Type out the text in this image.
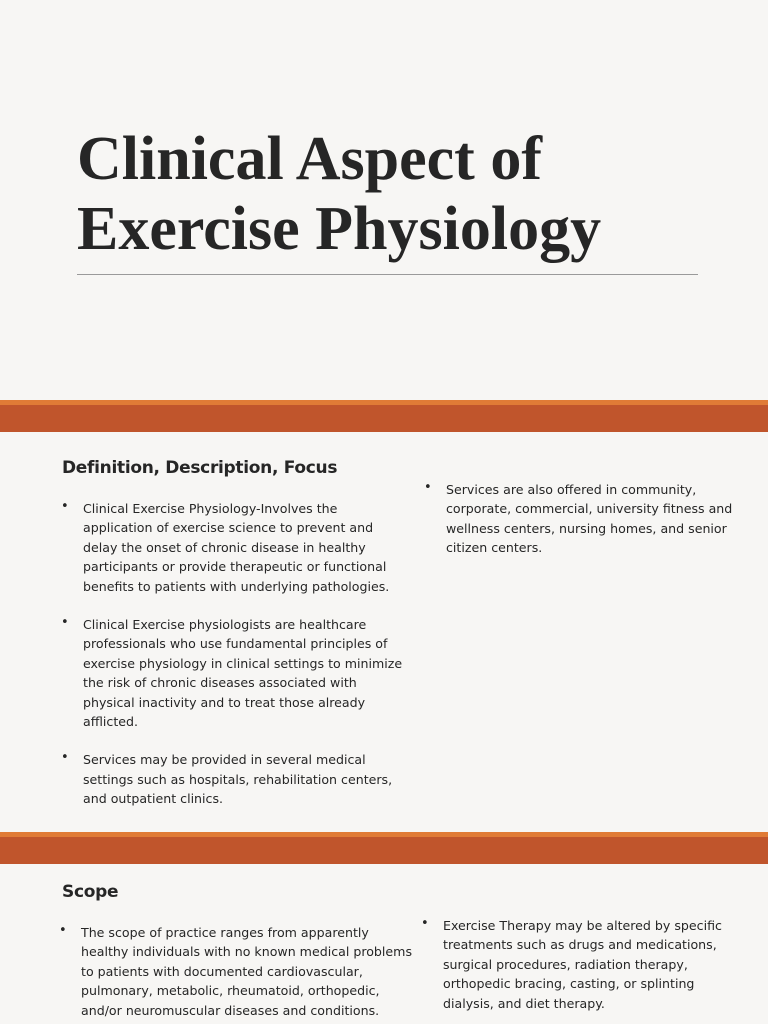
Clinical Aspect of
Exercise Physiology
Definition, Description, Focus
• Clinical Exercise Physiology-Involves the application of exercise science to prevent and delay the onset of chronic disease in healthy participants or provide therapeutic or functional benefits to patients with underlying pathologies.
• Clinical Exercise physiologists are healthcare professionals who use fundamental principles of exercise physiology in clinical settings to minimize the risk of chronic diseases associated with physical inactivity and to treat those already afflicted.
• Services may be provided in several medical settings such as hospitals, rehabilitation centers, and outpatient clinics.
• Services are also offered in community, corporate, commercial, university fitness and wellness centers, nursing homes, and senior citizen centers.
Scope
• The scope of practice ranges from apparently healthy individuals with no known medical problems to patients with documented cardiovascular, pulmonary, metabolic, rheumatoid, orthopedic, and/or neuromuscular diseases and conditions.
• Exercise Therapy may be altered by specific treatments such as drugs and medications, surgical procedures, radiation therapy, orthopedic bracing, casting, or splinting dialysis, and diet therapy.
